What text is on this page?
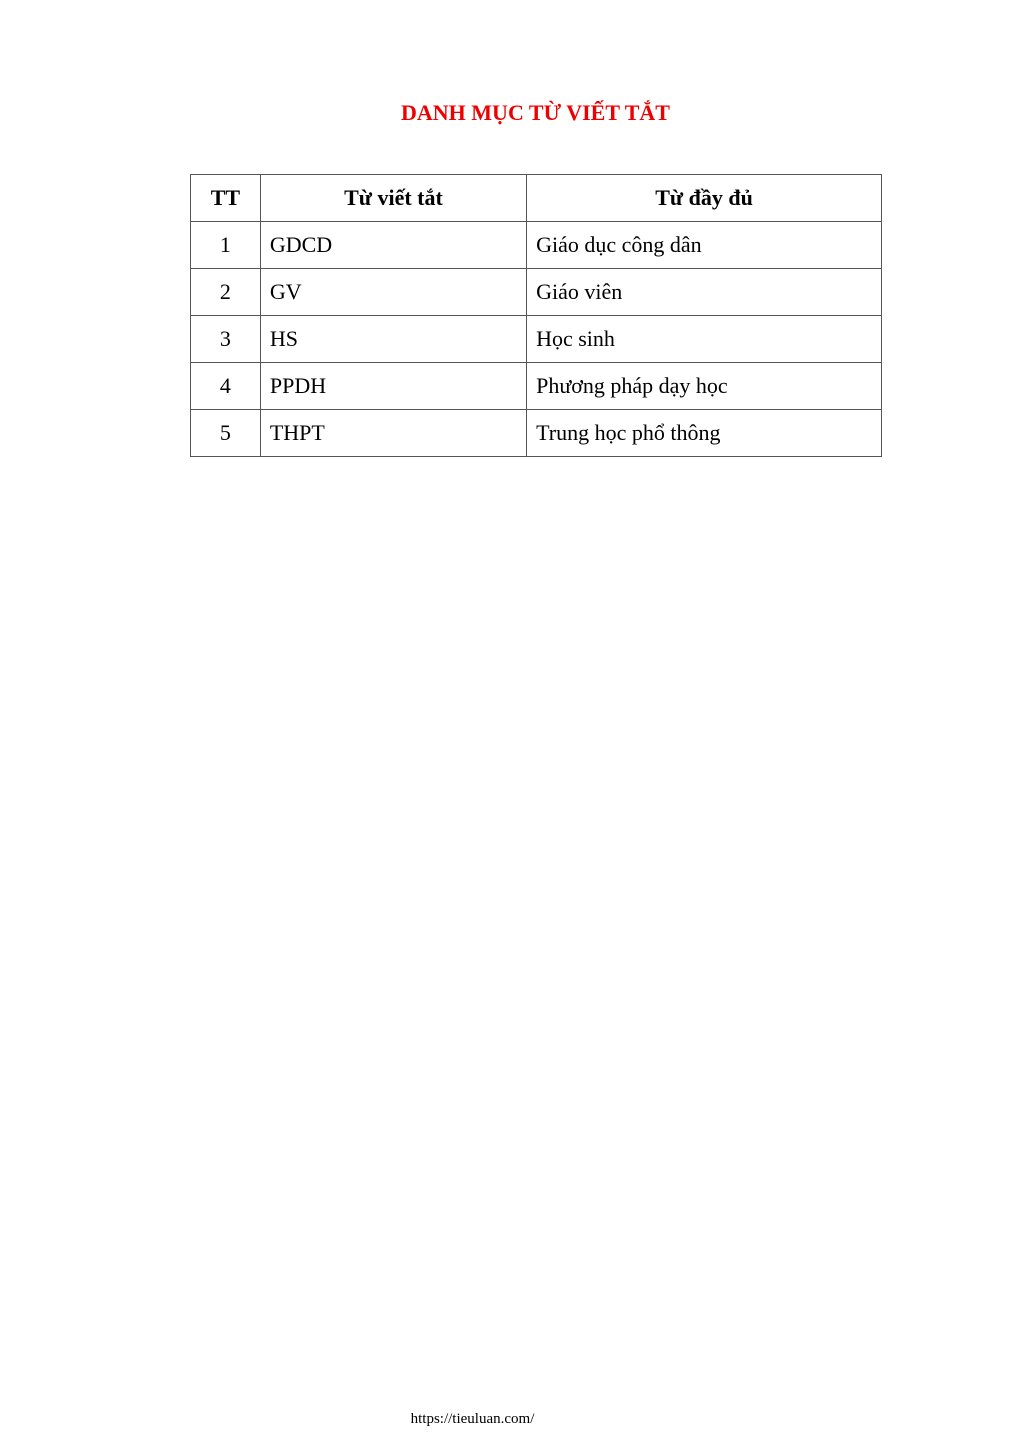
DANH MỤC TỪ VIẾT TẮT
TT	Từ viết tắt	Từ đầy đủ
1	GDCD	Giáo dục công dân
2	GV	Giáo viên
3	HS	Học sinh
4	PPDH	Phương pháp dạy học
5	THPT	Trung học phổ thông
https://tieuluan.com/
